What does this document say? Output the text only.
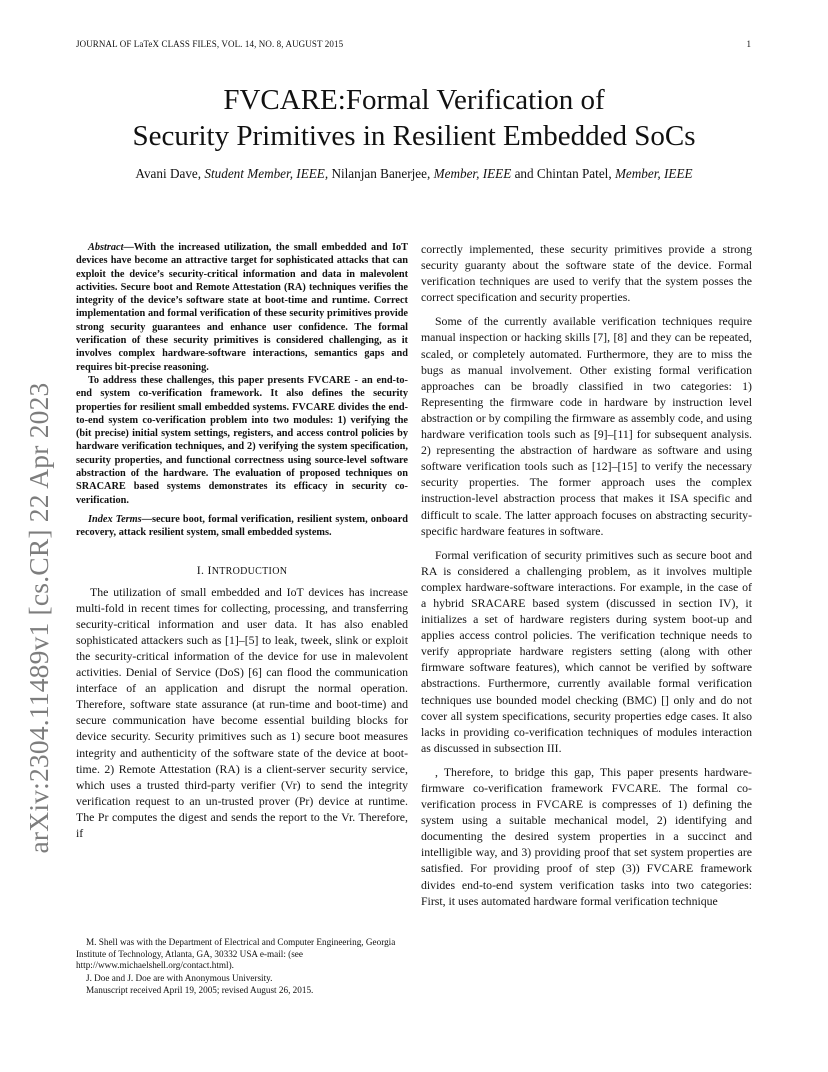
JOURNAL OF LaTeX CLASS FILES, VOL. 14, NO. 8, AUGUST 2015	1
arXiv:2304.11489v1 [cs.CR] 22 Apr 2023
FVCARE:Formal Verification of
Security Primitives in Resilient Embedded SoCs
Avani Dave, Student Member, IEEE, Nilanjan Banerjee, Member, IEEE and Chintan Patel, Member, IEEE

Abstract—With the increased utilization, the small embedded and IoT devices have become an attractive target for sophisticated attacks that can exploit the device’s security-critical information and data in malevolent activities. Secure boot and Remote Attestation (RA) techniques verifies the integrity of the device’s software state at boot-time and runtime. Correct implementation and formal verification of these security primitives provide strong security guarantees and enhance user confidence. The formal verification of these security primitives is considered challenging, as it involves complex hardware-software interactions, semantics gaps and requires bit-precise reasoning.

To address these challenges, this paper presents FVCARE - an end-to-end system co-verification framework. It also defines the security properties for resilient small embedded systems. FVCARE divides the end-to-end system co-verification problem into two modules: 1) verifying the (bit precise) initial system settings, registers, and access control policies by hardware verification techniques, and 2) verifying the system specification, security properties, and functional correctness using source-level software abstraction of the hardware. The evaluation of proposed techniques on SRACARE based systems demonstrates its efficacy in security co-verification.

Index Terms—secure boot, formal verification, resilient system, onboard recovery, attack resilient system, small embedded systems.

I. INTRODUCTION

The utilization of small embedded and IoT devices has increase multi-fold in recent times for collecting, processing, and transferring security-critical information and user data. It has also enabled sophisticated attackers such as [1]–[5] to leak, tweek, slink or exploit the security-critical information of the device for use in malevolent activities. Denial of Service (DoS) [6] can flood the communication interface of an application and disrupt the normal operation. Therefore, software state assurance (at run-time and boot-time) and secure communication have become essential building blocks for device security. Security primitives such as 1) secure boot measures integrity and authenticity of the software state of the device at boot-time. 2) Remote Attestation (RA) is a client-server security service, which uses a trusted third-party verifier (Vr) to send the integrity verification request to an un-trusted prover (Pr) device at runtime. The Pr computes the digest and sends the report to the Vr. Therefore, if

M. Shell was with the Department of Electrical and Computer Engineering, Georgia Institute of Technology, Atlanta, GA, 30332 USA e-mail: (see http://www.michaelshell.org/contact.html).

J. Doe and J. Doe are with Anonymous University.

Manuscript received April 19, 2005; revised August 26, 2015.

correctly implemented, these security primitives provide a strong security guaranty about the software state of the device. Formal verification techniques are used to verify that the system posses the correct specification and security properties.

Some of the currently available verification techniques require manual inspection or hacking skills [7], [8] and they can be repeated, scaled, or completely automated. Furthermore, they are to miss the bugs as manual involvement. Other existing formal verification approaches can be broadly classified in two categories: 1) Representing the firmware code in hardware by instruction level abstraction or by compiling the firmware as assembly code, and using hardware verification tools such as [9]–[11] for subsequent analysis. 2) representing the abstraction of hardware as software and using software verification tools such as [12]–[15] to verify the necessary security properties. The former approach uses the complex instruction-level abstraction process that makes it ISA specific and difficult to scale. The latter approach focuses on abstracting security-specific hardware features in software.

Formal verification of security primitives such as secure boot and RA is considered a challenging problem, as it involves multiple complex hardware-software interactions. For example, in the case of a hybrid SRACARE based system (discussed in section IV), it initializes a set of hardware registers during system boot-up and applies access control policies. The verification technique needs to verify appropriate hardware registers setting (along with other firmware software features), which cannot be verified by software abstractions. Furthermore, currently available formal verification techniques use bounded model checking (BMC) [] only and do not cover all system specifications, security properties edge cases. It also lacks in providing co-verification techniques of modules interaction as discussed in subsection III.

, Therefore, to bridge this gap, This paper presents hardware-firmware co-verification framework FVCARE. The formal co-verification process in FVCARE is compresses of 1) defining the system using a suitable mechanical model, 2) identifying and documenting the desired system properties in a succinct and intelligible way, and 3) providing proof that set system properties are satisfied. For providing proof of step (3)) FVCARE framework divides end-to-end system verification tasks into two categories: First, it uses automated hardware formal verification technique
